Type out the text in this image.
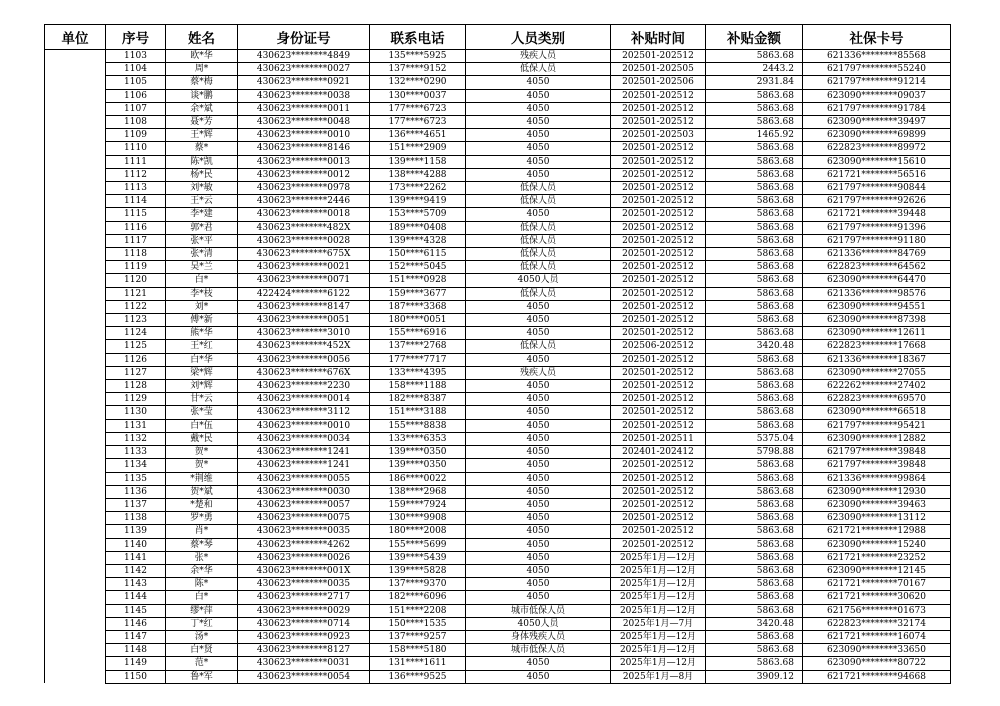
单位	序号	姓名	身份证号	联系电话	人员类别	补贴时间	补贴金额	社保卡号
	1103	欧*华	430623********4849	135****5925	残疾人员	202501-202512	5863.68	621336********85568
	1104	周*	430623********0027	137****9152	低保人员	202501-202505	2443.2	621797********55240
	1105	蔡*梅	430623********0921	132****0290	4050	202501-202506	2931.84	621797********91214
	1106	谈*鹏	430623********0038	130****0037	4050	202501-202512	5863.68	623090********09037
	1107	余*斌	430623********0011	177****6723	4050	202501-202512	5863.68	621797********91784
	1108	聂*芳	430623********0048	177****6723	4050	202501-202512	5863.68	623090********39497
	1109	王*辉	430623********0010	136****4651	4050	202501-202503	1465.92	623090********69899
	1110	蔡*	430623********8146	151****2909	4050	202501-202512	5863.68	622823********89972
	1111	陈*凯	430623********0013	139****1158	4050	202501-202512	5863.68	623090********15610
	1112	杨*民	430623********0012	138****4288	4050	202501-202512	5863.68	621721********56516
	1113	刘*敏	430623********0978	173****2262	低保人员	202501-202512	5863.68	621797********90844
	1114	王*云	430623********2446	139****9419	低保人员	202501-202512	5863.68	621797********92626
	1115	李*建	430623********0018	153****5709	4050	202501-202512	5863.68	621721********39448
	1116	郭*君	430623********482X	189****0408	低保人员	202501-202512	5863.68	621797********91396
	1117	张*平	430623********0028	139****4328	低保人员	202501-202512	5863.68	621797********91180
	1118	张*清	430623********675X	150****6115	低保人员	202501-202512	5863.68	621336********84769
	1119	吴*兰	430623********0021	152****5045	低保人员	202501-202512	5863.68	622823********64562
	1120	白*	430623********0071	151****0928	4050人员	202501-202512	5863.68	623090********64470
	1121	李*枝	422424********6122	159****3677	低保人员	202501-202512	5863.68	621336********98576
	1122	刘*	430623********8147	187****3368	4050	202501-202512	5863.68	623090********94551
	1123	傅*新	430623********0051	180****0051	4050	202501-202512	5863.68	623090********87398
	1124	熊*华	430623********3010	155****6916	4050	202501-202512	5863.68	623090********12611
	1125	王*红	430623********452X	137****2768	低保人员	202506-202512	3420.48	622823********17668
	1126	白*华	430623********0056	177****7717	4050	202501-202512	5863.68	621336********18367
	1127	梁*辉	430623********676X	133****4395	残疾人员	202501-202512	5863.68	623090********27055
	1128	刘*辉	430623********2230	158****1188	4050	202501-202512	5863.68	622262********27402
	1129	甘*云	430623********0014	182****8387	4050	202501-202512	5863.68	622823********69570
	1130	张*莹	430623********3112	151****3188	4050	202501-202512	5863.68	623090********66518
	1131	白*伍	430623********0010	155****8838	4050	202501-202512	5863.68	621797********95421
	1132	戴*民	430623********0034	133****6353	4050	202501-202511	5375.04	623090********12882
	1133	贺*	430623********1241	139****0350	4050	202401-202412	5798.88	621797********39848
	1134	贺*	430623********1241	139****0350	4050	202501-202512	5863.68	621797********39848
	1135	*荆维	430623********0055	186****0022	4050	202501-202512	5863.68	621336********99864
	1136	贺*斌	430623********0030	138****2968	4050	202501-202512	5863.68	623090********12930
	1137	*楚和	430623********0057	159****7924	4050	202501-202512	5863.68	623090********39463
	1138	罗*勇	430623********0075	130****9908	4050	202501-202512	5863.68	623090********13112
	1139	肖*	430623********0035	180****2008	4050	202501-202512	5863.68	621721********12988
	1140	蔡*琴	430623********4262	155****5699	4050	202501-202512	5863.68	623090********15240
	1141	张*	430623********0026	139****5439	4050	2025年1月—12月	5863.68	621721********23252
	1142	余*华	430623********001X	139****5828	4050	2025年1月—12月	5863.68	623090********12145
	1143	陈*	430623********0035	137****9370	4050	2025年1月—12月	5863.68	621721********70167
	1144	白*	430623********2717	182****6096	4050	2025年1月—12月	5863.68	621721********30620
	1145	缪*萍	430623********0029	151****2208	城市低保人员	2025年1月—12月	5863.68	621756********01673
	1146	丁*红	430623********0714	150****1535	4050人员	2025年1月—7月	3420.48	622823********32174
	1147	汤*	430623********0923	137****9257	身体残疾人员	2025年1月—12月	5863.68	621721********16074
	1148	白*贤	430623********8127	158****5180	城市低保人员	2025年1月—12月	5863.68	623090********33650
	1149	范*	430623********0031	131****1611	4050	2025年1月—12月	5863.68	623090********80722
	1150	鲁*军	430623********0054	136****9525	4050	2025年1月—8月	3909.12	621721********94668
